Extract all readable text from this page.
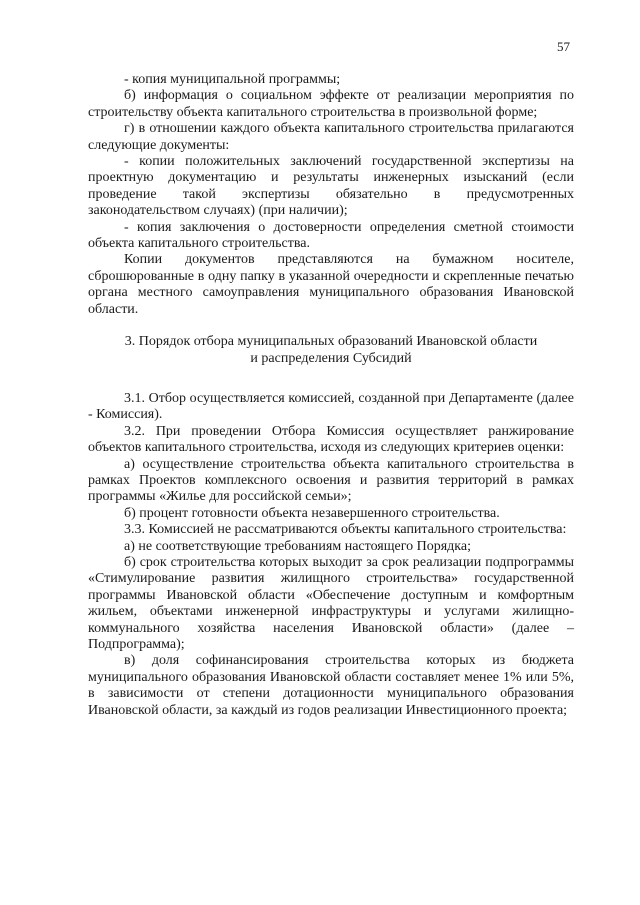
57

- копия муниципальной программы;

б) информация о социальном эффекте от реализации мероприятия по строительству объекта капитального строительства в произвольной форме;

г) в отношении каждого объекта капитального строительства прилагаются следующие документы:

- копии положительных заключений государственной экспертизы на проектную документацию и результаты инженерных изысканий (если проведение такой экспертизы обязательно в предусмотренных законодательством случаях) (при наличии);

- копия заключения о достоверности определения сметной стоимости объекта капитального строительства.

Копии документов представляются на бумажном носителе, сброшюрованные в одну папку в указанной очередности и скрепленные печатью органа местного самоуправления муниципального образования Ивановской области.

3. Порядок отбора муниципальных образований Ивановской области
и распределения Субсидий

3.1. Отбор осуществляется комиссией, созданной при Департаменте (далее - Комиссия).

3.2. При проведении Отбора Комиссия осуществляет ранжирование объектов капитального строительства, исходя из следующих критериев оценки:

а) осуществление строительства объекта капитального строительства в рамках Проектов комплексного освоения и развития территорий в рамках программы «Жилье для российской семьи»;

б) процент готовности объекта незавершенного строительства.

3.3. Комиссией не рассматриваются объекты капитального строительства:

а) не соответствующие требованиям настоящего Порядка;

б) срок строительства которых выходит за срок реализации подпрограммы «Стимулирование развития жилищного строительства» государственной программы Ивановской области «Обеспечение доступным и комфортным жильем, объектами инженерной инфраструктуры и услугами жилищно-коммунального хозяйства населения Ивановской области» (далее – Подпрограмма);

в) доля софинансирования строительства которых из бюджета муниципального образования Ивановской области составляет менее 1% или 5%, в зависимости от степени дотационности муниципального образования Ивановской области, за каждый из годов реализации Инвестиционного проекта;
